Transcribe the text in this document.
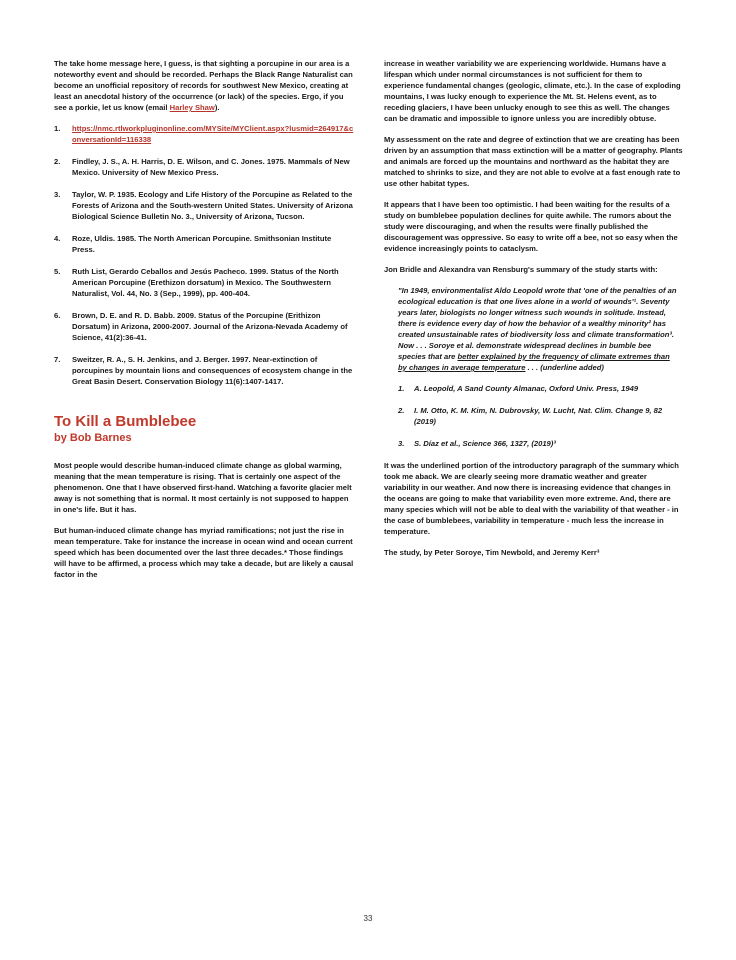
The take home message here, I guess, is that sighting a porcupine in our area is a noteworthy event and should be recorded. Perhaps the Black Range Naturalist can become an unofficial repository of records for southwest New Mexico, creating at least an anecdotal history of the occurrence (or lack) of the species. Ergo, if you see a porkie, let us know (email Harley Shaw).

1.	https://nmc.rtlworkpluginonline.com/MYSite/MYClient.aspx?lusmid=264917&conversationId=116338
2.	Findley, J. S., A. H. Harris, D. E. Wilson, and C. Jones. 1975. Mammals of New Mexico. University of New Mexico Press.
3.	Taylor, W. P. 1935. Ecology and Life History of the Porcupine as Related to the Forests of Arizona and the South-western United States. University of Arizona Biological Science Bulletin No. 3., University of Arizona, Tucson.
4.	Roze, Uldis. 1985. The North American Porcupine. Smithsonian Institute Press.
5.	Ruth List, Gerardo Ceballos and Jesús Pacheco. 1999. Status of the North American Porcupine (Erethizon dorsatum) in Mexico. The Southwestern Naturalist, Vol. 44, No. 3 (Sep., 1999), pp. 400-404.
6.	Brown, D. E. and R. D. Babb. 2009. Status of the Porcupine (Erithizon Dorsatum) in Arizona, 2000-2007. Journal of the Arizona-Nevada Academy of Science, 41(2):36-41.
7.	Sweitzer, R. A., S. H. Jenkins, and J. Berger. 1997. Near-extinction of porcupines by mountain lions and consequences of ecosystem change in the Great Basin Desert. Conservation Biology 11(6):1407-1417.
To Kill a Bumblebee
by Bob Barnes

Most people would describe human-induced climate change as global warming, meaning that the mean temperature is rising. That is certainly one aspect of the phenomenon. One that I have observed first-hand. Watching a favorite glacier melt away is not something that is normal. It most certainly is not supposed to happen in one's life. But it has.

But human-induced climate change has myriad ramifications; not just the rise in mean temperature. Take for instance the increase in ocean wind and ocean current speed which has been documented over the last three decades.* Those findings will have to be affirmed, a process which may take a decade, but are likely a causal factor in the

increase in weather variability we are experiencing worldwide. Humans have a lifespan which under normal circumstances is not sufficient for them to experience fundamental changes (geologic, climate, etc.). In the case of exploding mountains, I was lucky enough to experience the Mt. St. Helens event, as to receding glaciers, I have been unlucky enough to see this as well. The changes can be dramatic and impossible to ignore unless you are incredibly obtuse.

My assessment on the rate and degree of extinction that we are creating has been driven by an assumption that mass extinction will be a matter of geography. Plants and animals are forced up the mountains and northward as the habitat they are matched to shrinks to size, and they are not able to evolve at a fast enough rate to use other habitat types.

It appears that I have been too optimistic. I had been waiting for the results of a study on bumblebee population declines for quite awhile. The rumors about the study were discouraging, and when the results were finally published the discouragement was oppressive. So easy to write off a bee, not so easy when the evidence increasingly points to cataclysm.

Jon Bridle and Alexandra van Rensburg's summary of the study starts with:

"In 1949, environmentalist Aldo Leopold wrote that 'one of the penalties of an ecological education is that one lives alone in a world of wounds'¹. Seventy years later, biologists no longer witness such wounds in solitude. Instead, there is evidence every day of how the behavior of a wealthy minority² has created unsustainable rates of biodiversity loss and climate transformation³. Now . . . Soroye et al. demonstrate widespread declines in bumble bee species that are better explained by the frequency of climate extremes than by changes in average temperature . . . (underline added)

1.	A. Leopold, A Sand County Almanac, Oxford Univ. Press, 1949
2.	I. M. Otto, K. M. Kim, N. Dubrovsky, W. Lucht, Nat. Clim. Change 9, 82 (2019)
3.	S. Díaz et al., Science 366, 1327, (2019)³

It was the underlined portion of the introductory paragraph of the summary which took me aback. We are clearly seeing more dramatic weather and greater variability in our weather. And now there is increasing evidence that changes in the oceans are going to make that variability even more extreme. And, there are many species which will not be able to deal with the variability of that weather - in the case of bumblebees, variability in temperature - much less the increase in temperature.

The study, by Peter Soroye, Tim Newbold, and Jeremy Kerr³

33
